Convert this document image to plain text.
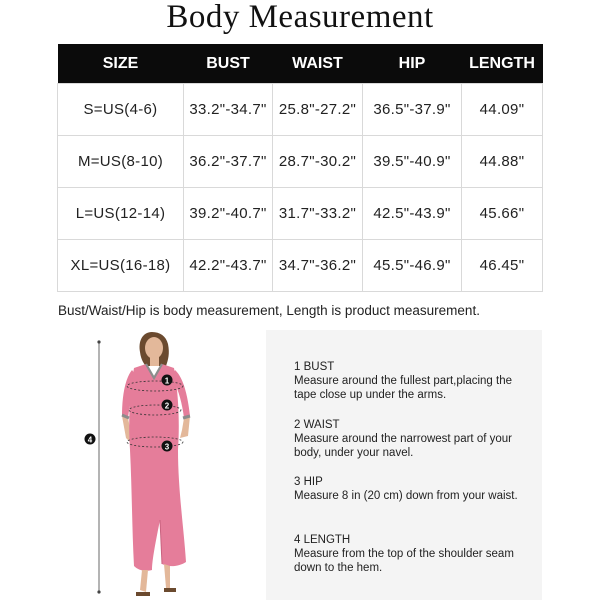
Body Measurement
SIZE	BUST	WAIST	HIP	LENGTH
S=US(4-6)	33.2"-34.7"	25.8"-27.2"	36.5"-37.9"	44.09"
M=US(8-10)	36.2"-37.7"	28.7"-30.2"	39.5"-40.9"	44.88"
L=US(12-14)	39.2"-40.7"	31.7"-33.2"	42.5"-43.9"	45.66"
XL=US(16-18)	42.2"-43.7"	34.7"-36.2"	45.5"-46.9"	46.45"
Bust/Waist/Hip is body measurement, Length is product measurement.
1
2
3
4
1 BUST
Measure around the fullest part,placing the tape close up under the arms.
2 WAIST
Measure around the narrowest part of your body, under your navel.
3 HIP
Measure 8 in (20 cm) down from your waist.
4 LENGTH
Measure from the top of the shoulder seam down to the hem.
